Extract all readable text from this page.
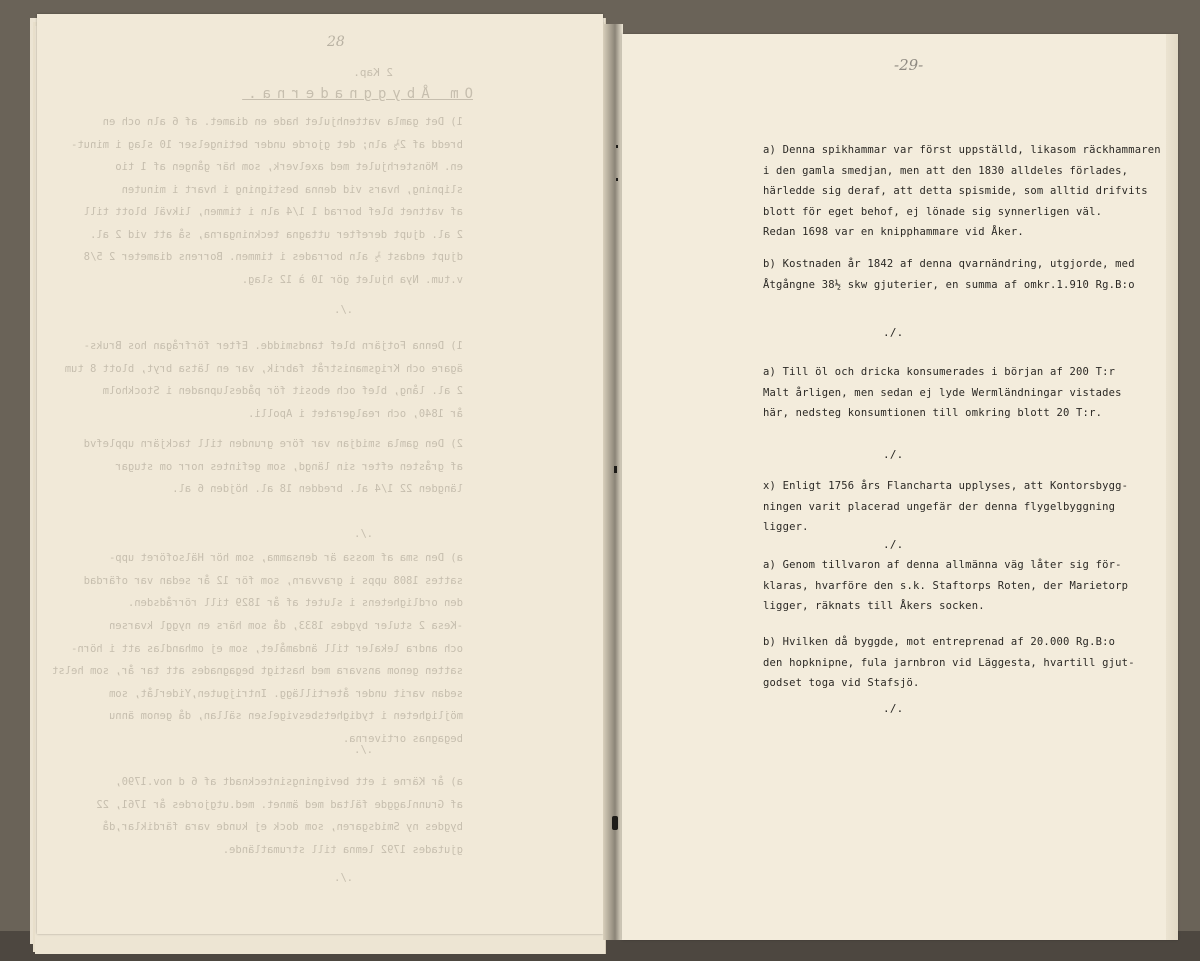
28
2 Kap.
Om Åbyggnaderna.
1) Det gamla vattenhjulet hade en diamet. af 6 aln och en
bredd af 2½ aln; det gjorde under betingelser 10 slag i minut-
en. Mönsterhjulet med axelverk, som här gången af 1 tio
slipning, hvars vid denna bestigning i hvart i minuten
af vattnet blef borrad 1 1/4 aln i timmen, likväl blott till
2 al. djupt derefter uttagna teckningarna, så att vid 2 al.
djupt endast ½ aln borrades i timmen. Borrens diameter 2 5/8
v.tum. Nya hjulet gör 10 à 12 slag.
1) Denna Fotjärn blef tandsmidde. Efter förfrågan hos Bruks-
ägare och Krigsmanistråt fabrik, var en lätsa bryt, blott 8 tum
2 al. lång, blef och ebosit för pådeslupnaden i Stockholm
år 1840, och realgeratet i Apolli.
2) Den gamla smidjan var före grunden till tackjärn upplefvd
af gråsten efter sin längd, som gefintes norr om stugar
längden 22 1/4 al. bredden 18 al. höjden 6 al.
a) Den sma af mossa är densamma, som hör Hälsoföret upp-
sattes 1808 upps i gravvarn, som för 12 år sedan var ofärdad
den ordlighetens i slutet af år 1829 till rörrådsden.
-Kesa 2 stuler bygdes 1833, då som härs en nyggl kvarsen
och andra lekaler till ändamålet, som ej omhandlas att i hörn-
satten genom ansvara med hastigt begagnades att tar år, som helst
sedan varit under återtillägg. Intrijguten,Yiderlåt, som
möjligheten i tydighetsbesvigelsen sällan, då genom ännu
begagnas ortiverna.
a) år Kärne i ett bevigningsintecknadt af 6 d nov.1790,
af Grunnlaggde fältad med ämnet. med.utgjordes år 1761, 22
bygdes ny Smidsgaren, som dock ej kunde vara färdiklar,då
gjutades 1792 lemna till strumatlände.
./.
./.
./.
./.
-29-
a) Denna spikhammar var först uppställd, likasom räckhammaren
i den gamla smedjan, men att den 1830 alldeles förlades,
härledde sig deraf, att detta spismide, som alltid drifvits
blott för eget behof, ej lönade sig synnerligen väl.
Redan 1698 var en knipphammare vid Åker.
b) Kostnaden år 1842 af denna qvarnändring, utgjorde, med
Åtgångne 38½ skw gjuterier, en summa af omkr.1.910 Rg.B:o
a) Till öl och dricka konsumerades i början af 200 T:r
Malt årligen, men sedan ej lyde Wermländningar vistades
här, nedsteg konsumtionen till omkring blott 20 T:r.
x) Enligt 1756 års Flancharta upplyses, att Kontorsbygg-
ningen varit placerad ungefär der denna flygelbyggning
ligger.
a) Genom tillvaron af denna allmänna väg låter sig för-
klaras, hvarföre den s.k. Staftorps Roten, der Marietorp
ligger, räknats till Åkers socken.
b) Hvilken då byggde, mot entreprenad af 20.000 Rg.B:o
den hopknipne, fula jarnbron vid Läggesta, hvartill gjut-
godset toga vid Stafsjö.
./.
./.
./.
./.
